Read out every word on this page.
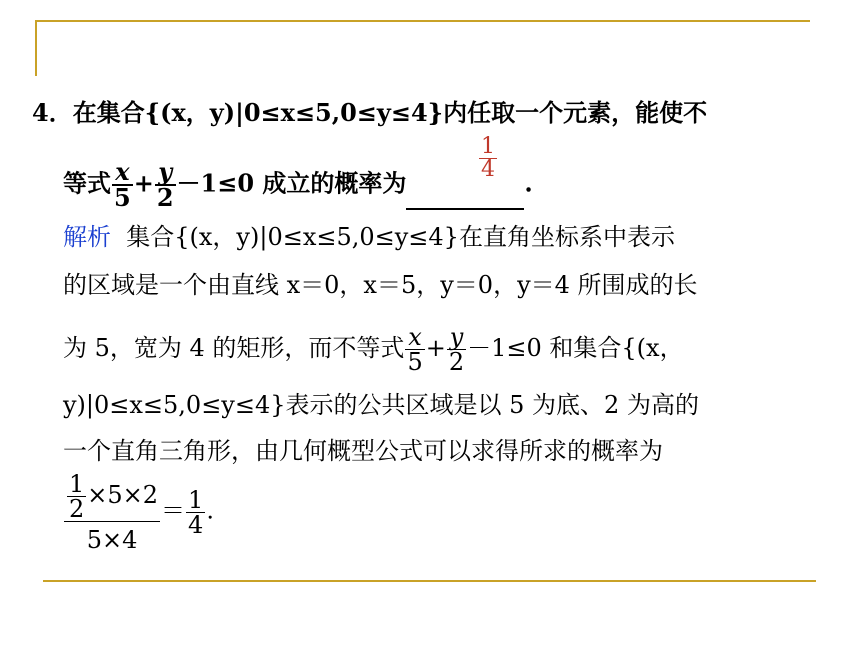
4．在集合{(x，y)|0≤x≤5,0≤y≤4}内任取一个元素，能使不
等式 $\frac{x}{5} + \frac{y}{2} -1\le 0$ 成立的概率为	.
$\frac{1}{4}$
解析 集合{(x，y)|0≤x≤5,0≤y≤4}在直角坐标系中表示
的区域是一个由直线 x＝0，x＝5，y＝0，y＝4 所围成的长
为 5，宽为 4 的矩形，而不等式 $\frac{x}{5} + \frac{y}{2} -1\le 0$ 和集合{(x，
y)|0≤x≤5,0≤y≤4}表示的公共区域是以 5 为底、2 为高的
一个直角三角形，由几何概型公式可以求得所求的概率为
$\frac{\frac{1}{2} \times 5\times 2}{5\times 4} = \frac{1}{4}$ .
